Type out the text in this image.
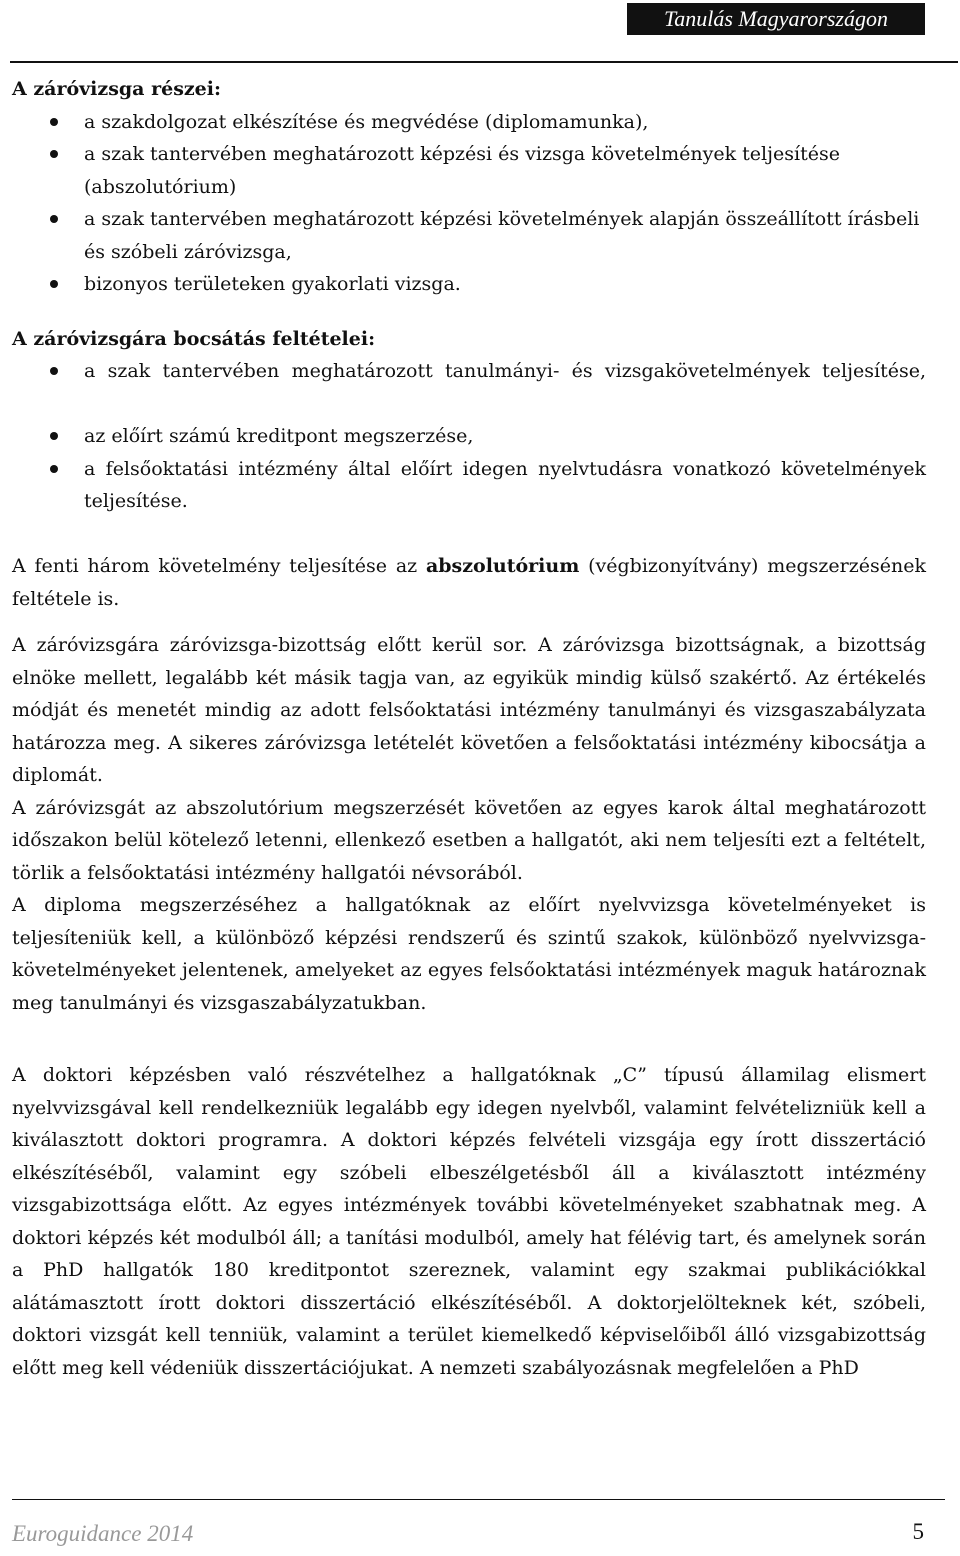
Tanulás Magyarországon

A záróvizsga részei:

a szakdolgozat elkészítése és megvédése (diplomamunka),
a szak tantervében meghatározott képzési és vizsga követelmények teljesítése (abszolutórium)
a szak tantervében meghatározott képzési követelmények alapján összeállított írásbeli és szóbeli záróvizsga,
bizonyos területeken gyakorlati vizsga.

A záróvizsgára bocsátás feltételei:

a szak tantervében meghatározott tanulmányi- és vizsgakövetelmények teljesítése,
az előírt számú kreditpont megszerzése,
a felsőoktatási intézmény által előírt idegen nyelvtudásra vonatkozó követelmények teljesítése.

A fenti három követelmény teljesítése az abszolutórium (végbizonyítvány) megszerzésének feltétele is.

A záróvizsgára záróvizsga-bizottság előtt kerül sor. A záróvizsga bizottságnak, a bizottság elnöke mellett, legalább két másik tagja van, az egyikük mindig külső szakértő. Az értékelés módját és menetét mindig az adott felsőoktatási intézmény tanulmányi és vizsgaszabályzata határozza meg. A sikeres záróvizsga letételét követően a felsőoktatási intézmény kibocsátja a diplomát.

A záróvizsgát az abszolutórium megszerzését követően az egyes karok által meghatározott időszakon belül kötelező letenni, ellenkező esetben a hallgatót, aki nem teljesíti ezt a feltételt, törlik a felsőoktatási intézmény hallgatói névsorából.

A diploma megszerzéséhez a hallgatóknak az előírt nyelvvizsga követelményeket is teljesíteniük kell, a különböző képzési rendszerű és szintű szakok, különböző nyelvvizsga-követelményeket jelentenek, amelyeket az egyes felsőoktatási intézmények maguk határoznak meg tanulmányi és vizsgaszabályzatukban.

A doktori képzésben való részvételhez a hallgatóknak „C” típusú államilag elismert nyelvvizsgával kell rendelkezniük legalább egy idegen nyelvből, valamint felvételizniük kell a kiválasztott doktori programra. A doktori képzés felvételi vizsgája egy írott disszertáció elkészítéséből, valamint egy szóbeli elbeszélgetésből áll a kiválasztott intézmény vizsgabizottsága előtt. Az egyes intézmények további követelményeket szabhatnak meg. A doktori képzés két modulból áll; a tanítási modulból, amely hat félévig tart, és amelynek során a PhD hallgatók 180 kreditpontot szereznek, valamint egy szakmai publikációkkal alátámasztott írott doktori disszertáció elkészítéséből. A doktorjelölteknek két, szóbeli, doktori vizsgát kell tenniük, valamint a terület kiemelkedő képviselőiből álló vizsgabizottság előtt meg kell védeniük disszertációjukat. A nemzeti szabályozásnak megfelelően a PhD

Euroguidance 2014	5
